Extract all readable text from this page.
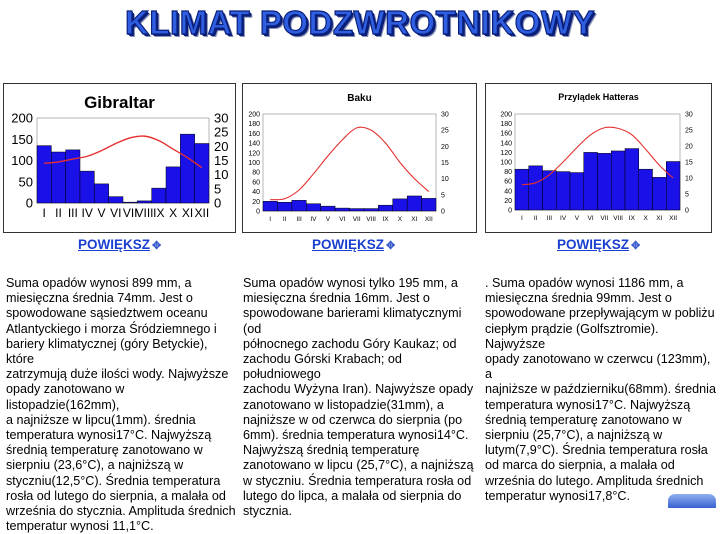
KLIMAT PODZWROTNIKOWY
Gibraltar
0
50
100
150
200
0
5
10
15
20
25
30
I II III IV V VI VII
VIII IX X XI XII
Baku
0
20
40
60
80
100
120
140
160
180
200
0
5
10
15
20
25
30
I II III IV V VI VII VIII IX X XI XII
Przylądek Hatteras
0
20
40
60
80
100
120
140
160
180
200
0
5
10
15
20
25
30
I II III IV V VI VII VIII IX X XI XII
POWIĘKSZ ✥	POWIĘKSZ ✥	POWIĘKSZ ✥
Suma opadów wynosi 899 mm, a
miesięczna średnia 74mm. Jest o
spowodowane sąsiedztwem oceanu
Atlantyckiego i morza Śródziemnego i
bariery klimatycznej (góry Betyckie), które
zatrzymują duże ilości wody. Najwyższe
opady zanotowano w listopadzie(162mm),
a najniższe w lipcu(1mm). średnia
temperatura wynosi17°C. Najwyższą
średnią temperaturę zanotowano w
sierpniu (23,6°C), a najniższą w
styczniu(12,5°C). Średnia temperatura
rosła od lutego do sierpnia, a malała od
września do stycznia. Amplituda średnich
temperatur wynosi 11,1°C.
Suma opadów wynosi tylko 195 mm, a
miesięczna średnia 16mm. Jest o
spowodowane barierami klimatycznymi (od
północnego zachodu Góry Kaukaz; od
zachodu Górski Krabach; od południowego
zachodu Wyżyna Iran). Najwyższe opady
zanotowano w listopadzie(31mm), a
najniższe w od czerwca do sierpnia (po
6mm). średnia temperatura wynosi14°C.
Najwyższą średnią temperaturę
zanotowano w lipcu (25,7°C), a najniższą
w styczniu. Średnia temperatura rosła od
lutego do lipca, a malała od sierpnia do
stycznia.
. Suma opadów wynosi 1186 mm, a
miesięczna średnia 99mm. Jest o
spowodowane przepływającym w pobliżu
ciepłym prądzie (Golfsztromie). Najwyższe
opady zanotowano w czerwcu (123mm), a
najniższe w październiku(68mm). średnia
temperatura wynosi17°C. Najwyższą
średnią temperaturę zanotowano w
sierpniu (25,7°C), a najniższą w
lutym(7,9°C). Średnia temperatura rosła
od marca do sierpnia, a malała od
września do lutego. Amplituda średnich
temperatur wynosi17,8°C.
